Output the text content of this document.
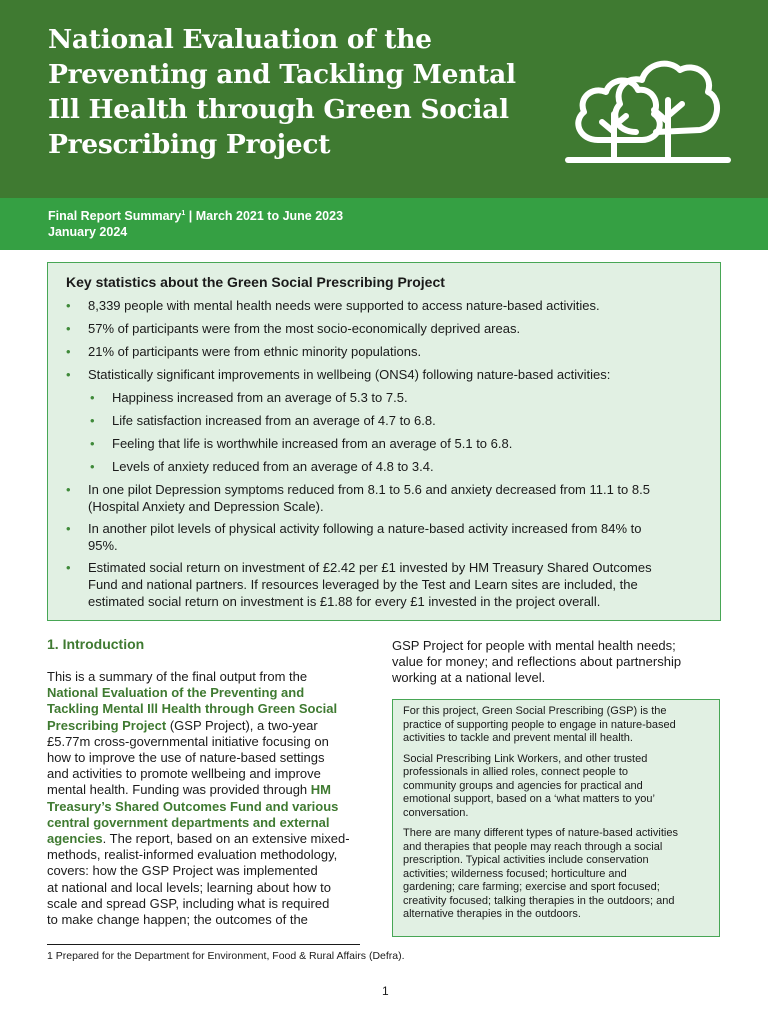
National Evaluation of the
Preventing and Tackling Mental
Ill Health through Green Social
Prescribing Project
Final Report Summary$^1$ | March 2021 to June 2023
January 2024
Key statistics about the Green Social Prescribing Project
• 8,339 people with mental health needs were supported to access nature-based activities.
• 57% of participants were from the most socio-economically deprived areas.
• 21% of participants were from ethnic minority populations.
• Statistically significant improvements in wellbeing (ONS4) following nature-based activities:
• Happiness increased from an average of 5.3 to 7.5.
• Life satisfaction increased from an average of 4.7 to 6.8.
• Feeling that life is worthwhile increased from an average of 5.1 to 6.8.
• Levels of anxiety reduced from an average of 4.8 to 3.4.
• In one pilot Depression symptoms reduced from 8.1 to 5.6 and anxiety decreased from 11.1 to 8.5
(Hospital Anxiety and Depression Scale).
• In another pilot levels of physical activity following a nature-based activity increased from 84% to
95%.
• Estimated social return on investment of £2.42 per £1 invested by HM Treasury Shared Outcomes
Fund and national partners. If resources leveraged by the Test and Learn sites are included, the
estimated social return on investment is £1.88 for every £1 invested in the project overall.
1. Introduction
This is a summary of the final output from the
National Evaluation of the Preventing and
Tackling Mental Ill Health through Green Social
Prescribing Project (GSP Project), a two-year
£5.77m cross-governmental initiative focusing on
how to improve the use of nature-based settings
and activities to promote wellbeing and improve
mental health. Funding was provided through HM
Treasury’s Shared Outcomes Fund and various
central government departments and external
agencies. The report, based on an extensive mixed-
methods, realist-informed evaluation methodology,
covers: how the GSP Project was implemented
at national and local levels; learning about how to
scale and spread GSP, including what is required
to make change happen; the outcomes of the
GSP Project for people with mental health needs;
value for money; and reflections about partnership
working at a national level.
For this project, Green Social Prescribing (GSP) is the
practice of supporting people to engage in nature-based
activities to tackle and prevent mental ill health.
Social Prescribing Link Workers, and other trusted
professionals in allied roles, connect people to
community groups and agencies for practical and
emotional support, based on a ‘what matters to you’
conversation.
There are many different types of nature-based activities
and therapies that people may reach through a social
prescription. Typical activities include conservation
activities; wilderness focused; horticulture and
gardening; care farming; exercise and sport focused;
creativity focused; talking therapies in the outdoors; and
alternative therapies in the outdoors.
1 Prepared for the Department for Environment, Food & Rural Affairs (Defra).
1
